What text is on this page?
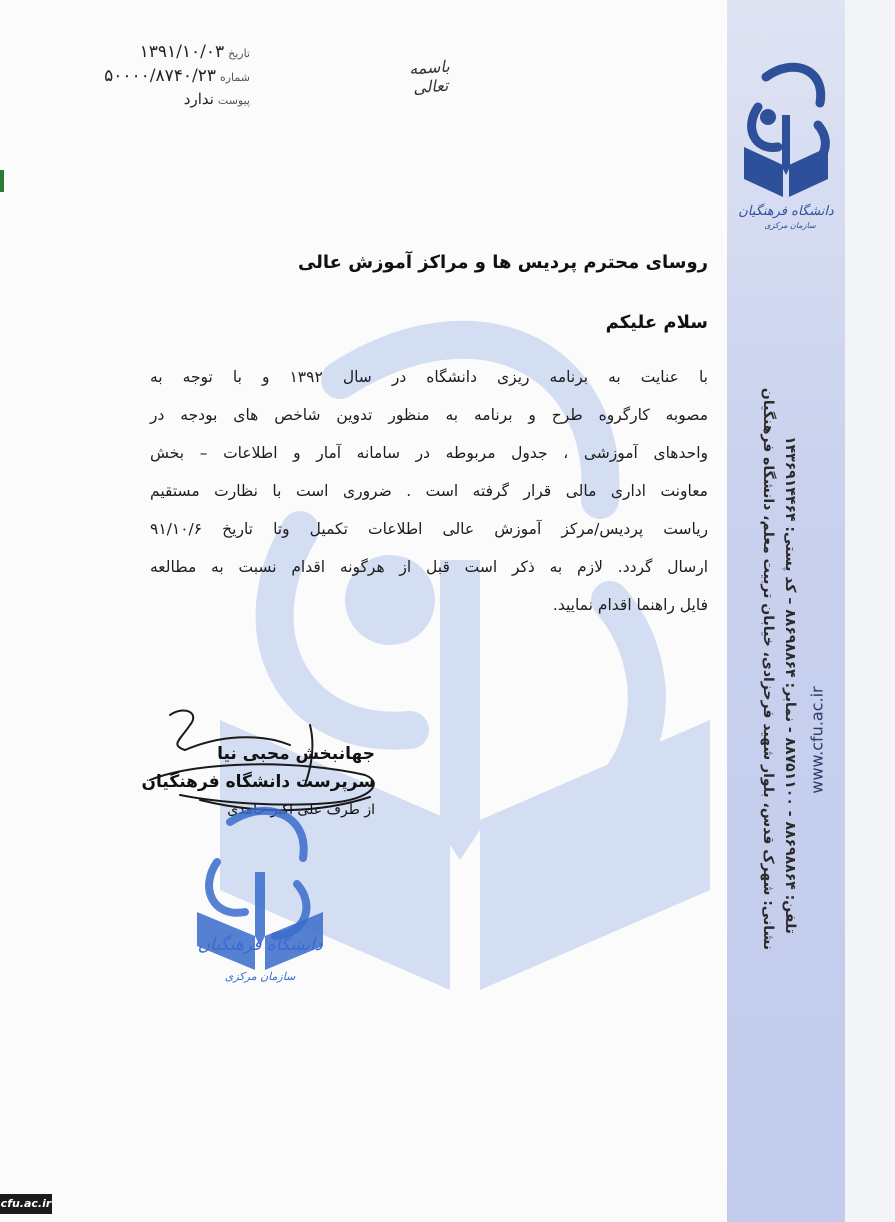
دانشگاه فرهنگیان
سازمان مرکزی
تاریخ
۱۳۹۱/۱۰/۰۳
شماره
۵۰۰۰۰/۸۷۴۰/۲۳
پیوست
ندارد
باسمه تعالی
روسای محترم پردیس ها و مراکز آموزش عالی
سلام علیکم
با عنایت به برنامه ریزی دانشگاه در سال ۱۳۹۲ و با توجه به
مصوبه کارگروه طرح و برنامه به منظور تدوین شاخص های بودجه در
واحدهای آموزشی ، جدول مربوطه در سامانه آمار و اطلاعات – بخش
معاونت اداری مالی قرار گرفته است . ضروری است با نظارت مستقیم
ریاست پردیس/مرکز آموزش عالی اطلاعات تکمیل وتا تاریخ ۹۱/۱۰/۶
ارسال گردد. لازم به ذکر است قبل از هرگونه اقدام نسبت به مطالعه
فایل راهنما اقدام نمایید.
جهانبخش محبی نیا
سرپرست دانشگاه فرهنگیان
از طرف علی اکبر حامدی
دانشگاه فرهنگیان
سازمان مرکزی
نشانی: شهرک قدس، بلوار شهید فرحزادی، خیابان تربیت معلم، دانشگاه فرهنگیان تلفن: ۸۸۶۹۸۸۶۴ - ۸۸۷۵۱۱۰۰ - نمابر: ۸۸۶۹۸۸۶۴ – کد پستی: ۱۴۳۶۹۱۴۴۶۴
www.cfu.ac.ir
cfu.ac.ir
